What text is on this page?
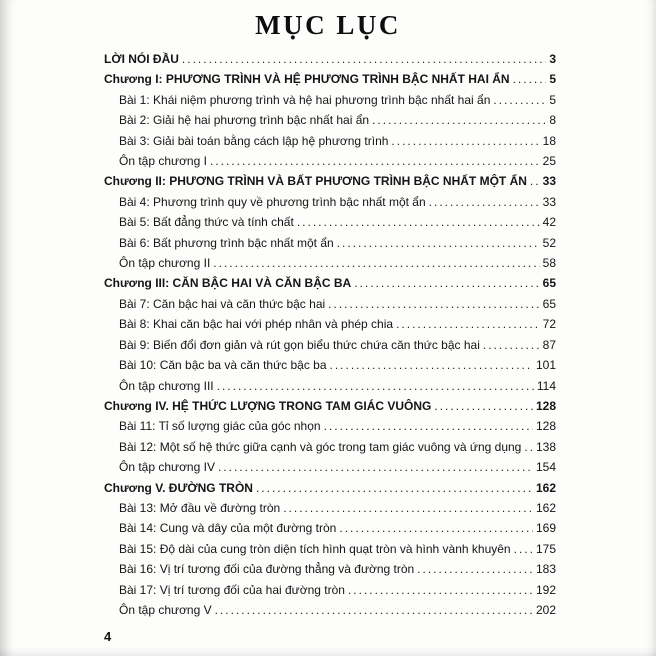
MỤC LỤC
LỜI NÓI ĐẦU .....	3
Chương I: PHƯƠNG TRÌNH VÀ HỆ PHƯƠNG TRÌNH BẬC NHẤT HAI ẨN .....	5
Bài 1: Khái niệm phương trình và hệ hai phương trình bậc nhất hai ẩn .....	5
Bài 2: Giải hệ hai phương trình bậc nhất hai ẩn .....	8
Bài 3: Giải bài toán bằng cách lập hệ phương trình .....	18
Ôn tập chương I .....	25
Chương II: PHƯƠNG TRÌNH VÀ BẤT PHƯƠNG TRÌNH BẬC NHẤT MỘT ẨN ..... 33
Bài 4: Phương trình quy về phương trình bậc nhất một ẩn .....	33
Bài 5: Bất đẳng thức và tính chất .....	42
Bài 6: Bất phương trình bậc nhất một ẩn .....	52
Ôn tập chương II .....	58
Chương III: CĂN BẬC HAI VÀ CĂN BẬC BA .....	65
Bài 7: Căn bậc hai và căn thức bậc hai .....	65
Bài 8: Khai căn bậc hai với phép nhân và phép chia .....	72
Bài 9: Biến đổi đơn giản và rút gọn biểu thức chứa căn thức bậc hai .....	87
Bài 10: Căn bậc ba và căn thức bậc ba .....	101
Ôn tập chương III .....	114
Chương IV. HỆ THỨC LƯỢNG TRONG TAM GIÁC VUÔNG .....	128
Bài 11: Tỉ số lượng giác của góc nhọn .....	128
Bài 12: Một số hệ thức giữa cạnh và góc trong tam giác vuông và ứng dụng ..... 138
Ôn tập chương IV .....	154
Chương V. ĐƯỜNG TRÒN .....	162
Bài 13: Mở đầu về đường tròn .....	162
Bài 14: Cung và dây của một đường tròn .....	169
Bài 15: Độ dài của cung tròn diện tích hình quạt tròn và hình vành khuyên ..... 175
Bài 16: Vị trí tương đối của đường thẳng và đường tròn .....	183
Bài 17: Vị trí tương đối của hai đường tròn .....	192
Ôn tập chương V .....	202
4
